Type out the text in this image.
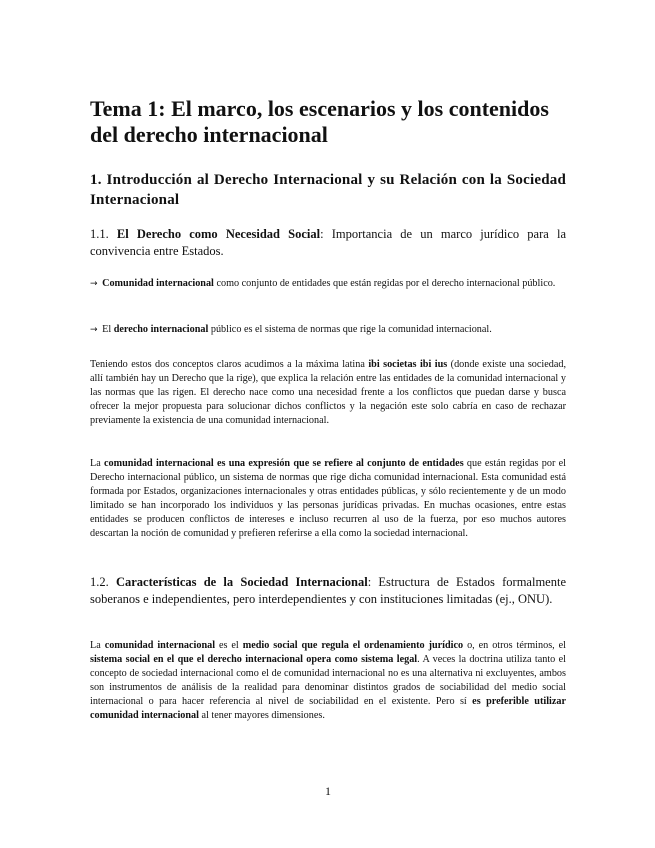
Tema 1: El marco, los escenarios y los contenidos del derecho internacional
1. Introducción al Derecho Internacional y su Relación con la Sociedad Internacional

1.1. El Derecho como Necesidad Social: Importancia de un marco jurídico para la convivencia entre Estados.

→ Comunidad internacional como conjunto de entidades que están regidas por el derecho internacional público.

→ El derecho internacional público es el sistema de normas que rige la comunidad internacional.

Teniendo estos dos conceptos claros acudimos a la máxima latina ibi societas ibi ius (donde existe una sociedad, allí también hay un Derecho que la rige), que explica la relación entre las entidades de la comunidad internacional y las normas que las rigen. El derecho nace como una necesidad frente a los conflictos que puedan darse y busca ofrecer la mejor propuesta para solucionar dichos conflictos y la negación este solo cabría en caso de rechazar previamente la existencia de una comunidad internacional.

La comunidad internacional es una expresión que se refiere al conjunto de entidades que están regidas por el Derecho internacional público, un sistema de normas que rige dicha comunidad internacional. Esta comunidad está formada por Estados, organizaciones internacionales y otras entidades públicas, y sólo recientemente y de un modo limitado se han incorporado los individuos y las personas jurídicas privadas. En muchas ocasiones, entre estas entidades se producen conflictos de intereses e incluso recurren al uso de la fuerza, por eso muchos autores descartan la noción de comunidad y prefieren referirse a ella como la sociedad internacional.

1.2. Características de la Sociedad Internacional: Estructura de Estados formalmente soberanos e independientes, pero interdependientes y con instituciones limitadas (ej., ONU).

La comunidad internacional es el medio social que regula el ordenamiento jurídico o, en otros términos, el sistema social en el que el derecho internacional opera como sistema legal. A veces la doctrina utiliza tanto el concepto de sociedad internacional como el de comunidad internacional no es una alternativa ni excluyentes, ambos son instrumentos de análisis de la realidad para denominar distintos grados de sociabilidad del medio social internacional o para hacer referencia al nivel de sociabilidad en el existente. Pero sí es preferible utilizar comunidad internacional al tener mayores dimensiones.

1
